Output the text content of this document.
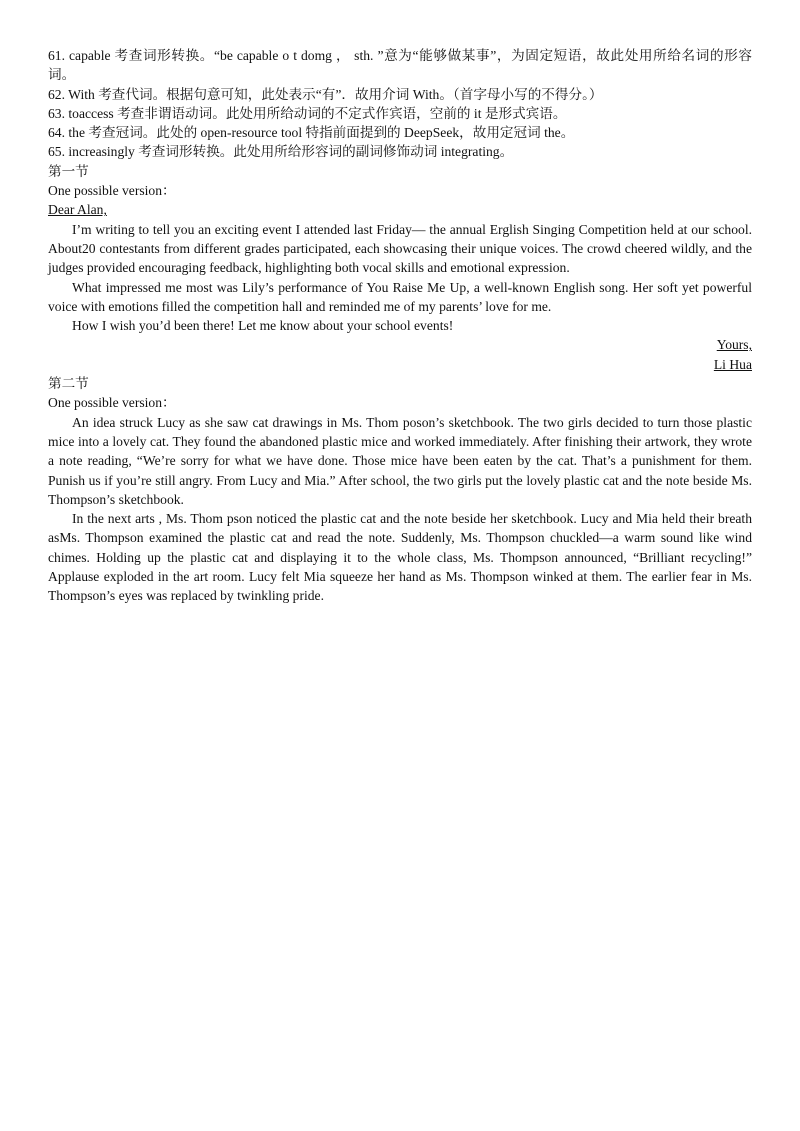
61. capable 考查词形转换。“be capable o t domg ， sth. ”意为“能够做某事”，为固定短语，故此处用所给名词的形容词。

62. With 考查代词。根据句意可知，此处表示“有”．故用介词 With。（首字母小写的不得分。）

63. toaccess 考查非谓语动词。此处用所给动词的不定式作宾语，空前的 it 是形式宾语。

64. the 考查冠词。此处的 open-resource tool 特指前面提到的 DeepSeek，故用定冠词 the。

65. increasingly 考查词形转换。此处用所给形容词的副词修饰动词 integrating。

第一节

One possible version：

Dear Alan,

I’m writing to tell you an exciting event I attended last Friday— the annual Erglish Singing Competition held at our school. About20 contestants from different grades participated, each showcasing their unique voices. The crowd cheered wildly, and the judges provided encouraging feedback, highlighting both vocal skills and emotional expression.

What impressed me most was Lily’s performance of You Raise Me Up, a well-known English song. Her soft yet powerful voice with emotions filled the competition hall and reminded me of my parents’ love for me.

How I wish you’d been there! Let me know about your school events!

Yours,

Li Hua

第二节

One possible version：

An idea struck Lucy as she saw cat drawings in Ms. Thom poson’s sketchbook. The two girls decided to turn those plastic mice into a lovely cat. They found the abandoned plastic mice and worked immediately. After finishing their artwork, they wrote a note reading, “We’re sorry for what we have done. Those mice have been eaten by the cat. That’s a punishment for them. Punish us if you’re still angry. From Lucy and Mia.” After school, the two girls put the lovely plastic cat and the note beside Ms. Thompson’s sketchbook.

In the next arts , Ms. Thom pson noticed the plastic cat and the note beside her sketchbook. Lucy and Mia held their breath asMs. Thompson examined the plastic cat and read the note. Suddenly, Ms. Thompson chuckled—a warm sound like wind chimes. Holding up the plastic cat and displaying it to the whole class, Ms. Thompson announced, “Brilliant recycling!” Applause exploded in the art room. Lucy felt Mia squeeze her hand as Ms. Thompson winked at them. The earlier fear in Ms. Thompson’s eyes was replaced by twinkling pride.
